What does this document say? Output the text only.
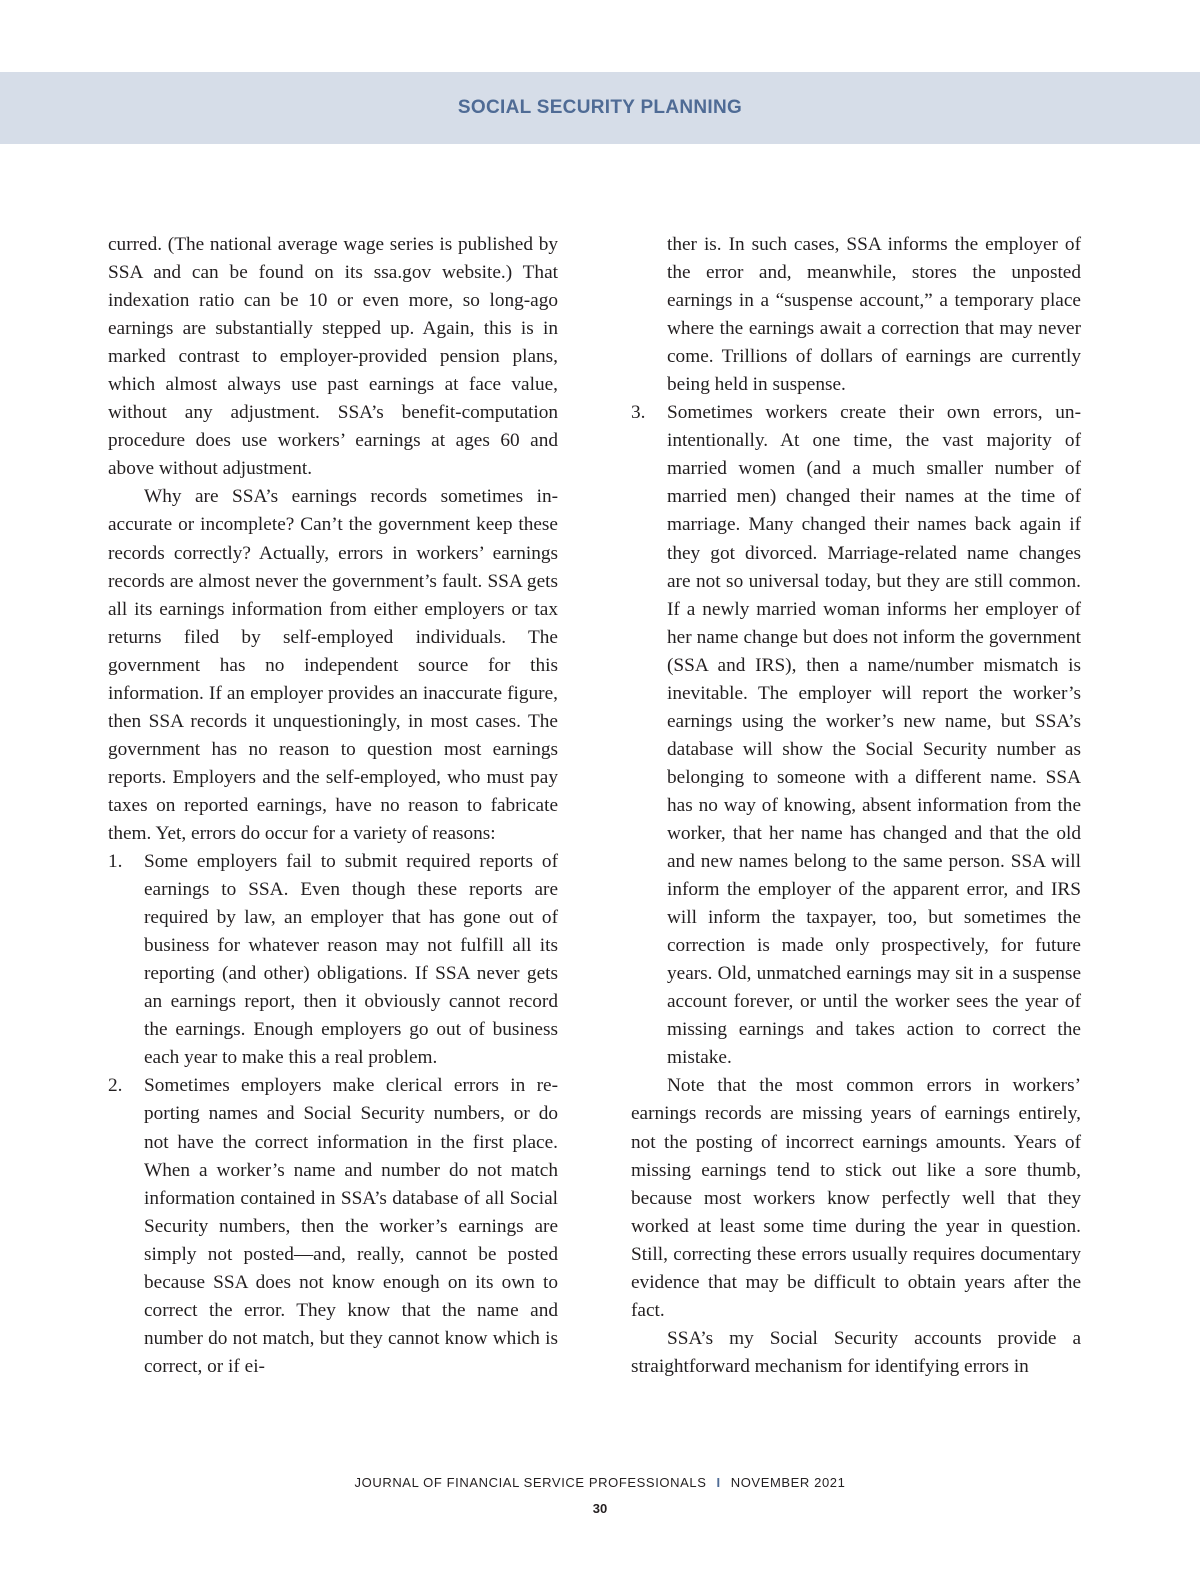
SOCIAL SECURITY PLANNING

curred. (The national average wage series is published by SSA and can be found on its ssa.gov website.) That indexation ratio can be 10 or even more, so long-ago earnings are substantially stepped up. Again, this is in marked contrast to employer-provided pension plans, which almost always use past earnings at face value, without any adjustment. SSA’s benefit-computation procedure does use workers’ earnings at ages 60 and above without adjustment.

Why are SSA’s earnings records sometimes inaccurate or incomplete? Can’t the government keep these records correctly? Actually, errors in workers’ earnings records are almost never the government’s fault. SSA gets all its earnings information from either employers or tax returns filed by self-employed individuals. The government has no independent source for this information. If an employer provides an inaccurate figure, then SSA records it unquestioningly, in most cases. The government has no reason to question most earnings reports. Employers and the self-employed, who must pay taxes on reported earnings, have no reason to fabricate them. Yet, errors do occur for a variety of reasons:

1. Some employers fail to submit required reports of earnings to SSA. Even though these reports are required by law, an employer that has gone out of business for whatever reason may not fulfill all its reporting (and other) obligations. If SSA never gets an earnings report, then it obviously cannot record the earnings. Enough employers go out of business each year to make this a real problem.

2. Sometimes employers make clerical errors in reporting names and Social Security numbers, or do not have the correct information in the first place. When a worker’s name and number do not match information contained in SSA’s database of all Social Security numbers, then the worker’s earnings are simply not posted—and, really, cannot be posted because SSA does not know enough on its own to correct the error. They know that the name and number do not match, but they cannot know which is correct, or if ei-

ther is. In such cases, SSA informs the employer of the error and, meanwhile, stores the unposted earnings in a “suspense account,” a temporary place where the earnings await a correction that may never come. Trillions of dollars of earnings are currently being held in suspense.

3. Sometimes workers create their own errors, unintentionally. At one time, the vast majority of married women (and a much smaller number of married men) changed their names at the time of marriage. Many changed their names back again if they got divorced. Marriage-related name changes are not so universal today, but they are still common. If a newly married woman informs her employer of her name change but does not inform the government (SSA and IRS), then a name/number mismatch is inevitable. The employer will report the worker’s earnings using the worker’s new name, but SSA’s database will show the Social Security number as belonging to someone with a different name. SSA has no way of knowing, absent information from the worker, that her name has changed and that the old and new names belong to the same person. SSA will inform the employer of the apparent error, and IRS will inform the taxpayer, too, but sometimes the correction is made only prospectively, for future years. Old, unmatched earnings may sit in a suspense account forever, or until the worker sees the year of missing earnings and takes action to correct the mistake.

Note that the most common errors in workers’ earnings records are missing years of earnings entirely, not the posting of incorrect earnings amounts. Years of missing earnings tend to stick out like a sore thumb, because most workers know perfectly well that they worked at least some time during the year in question. Still, correcting these errors usually requires documentary evidence that may be difficult to obtain years after the fact.

SSA’s my Social Security accounts provide a straightforward mechanism for identifying errors in

JOURNAL OF FINANCIAL SERVICE PROFESSIONALS I NOVEMBER 2021
30
